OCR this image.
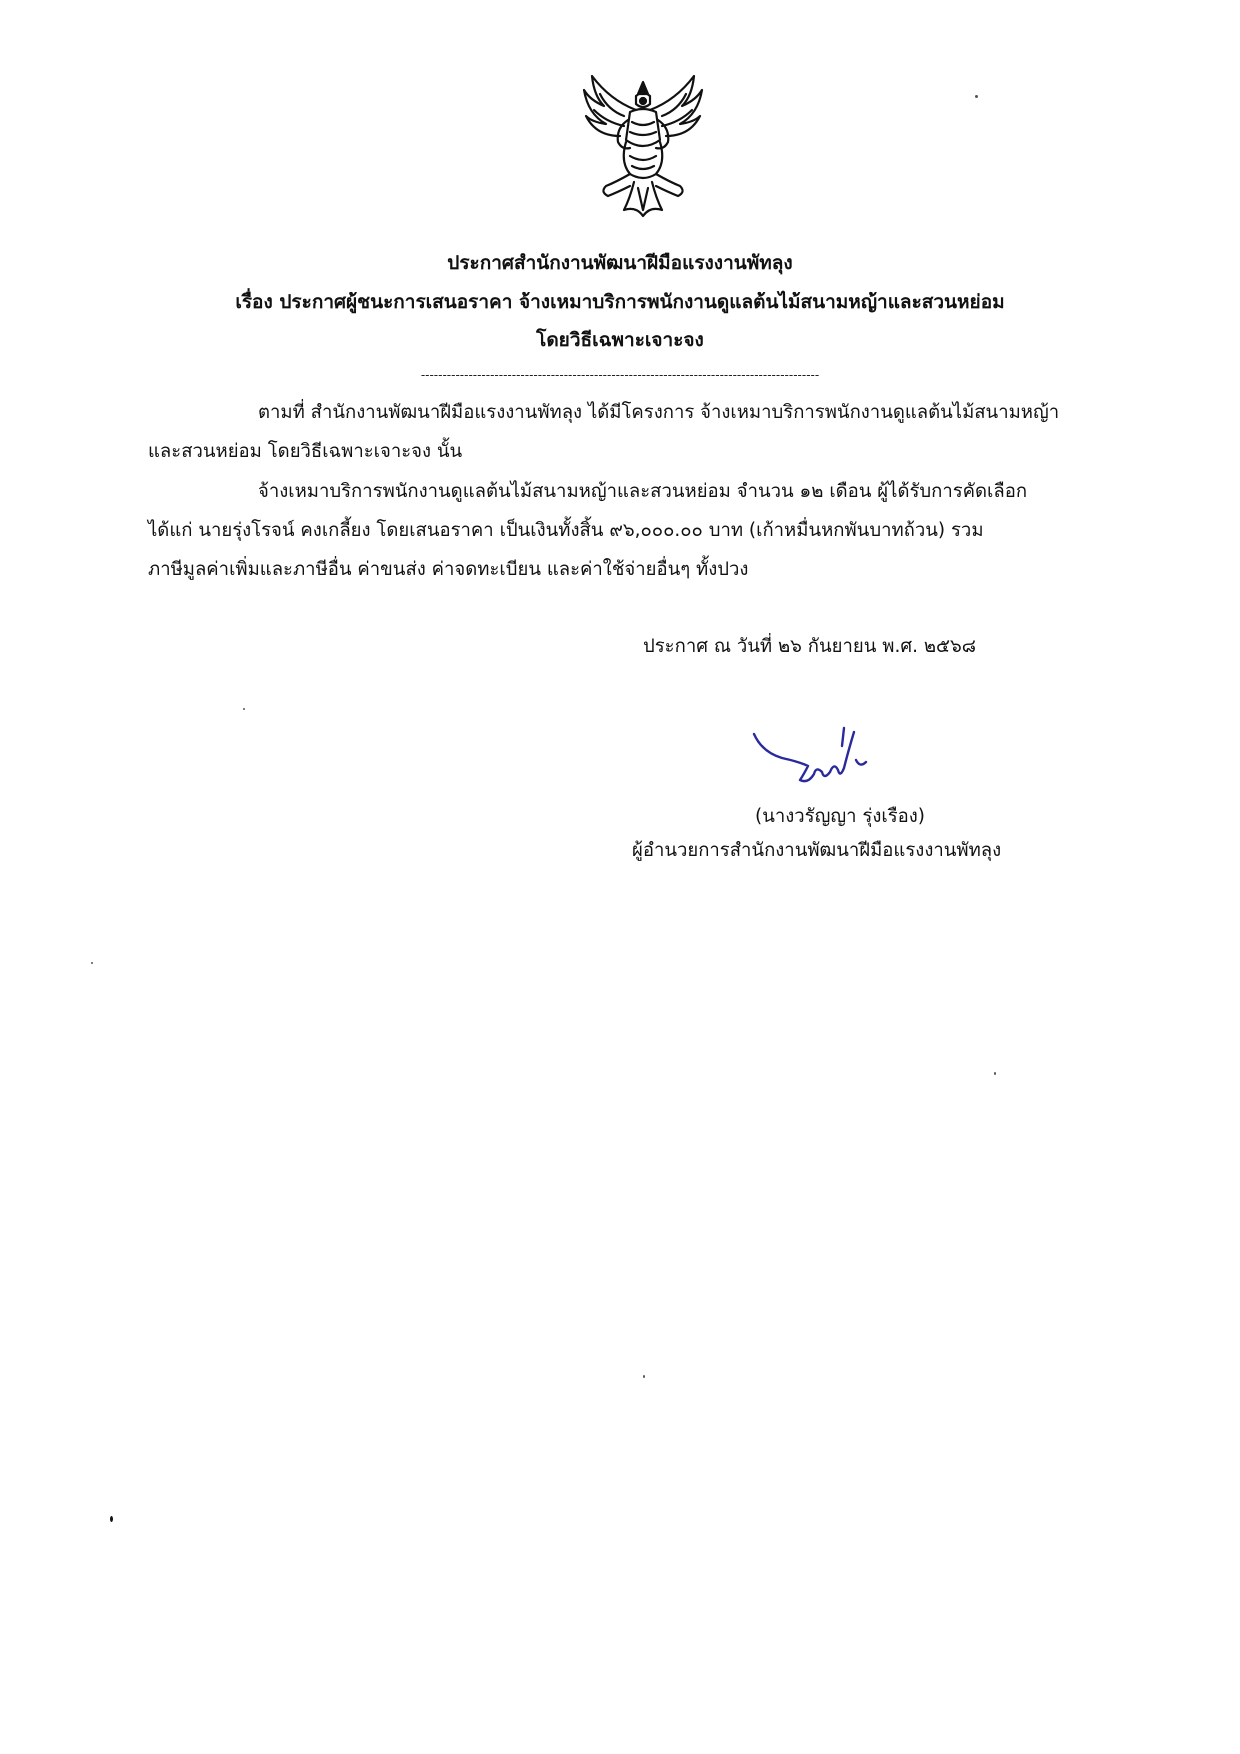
ประกาศสำนักงานพัฒนาฝีมือแรงงานพัทลุง
เรื่อง ประกาศผู้ชนะการเสนอราคา จ้างเหมาบริการพนักงานดูแลต้นไม้สนามหญ้าและสวนหย่อม
โดยวิธีเฉพาะเจาะจง
--------------------------------------------------------------------------------------------
ตามที่ สำนักงานพัฒนาฝีมือแรงงานพัทลุง ได้มีโครงการ จ้างเหมาบริการพนักงานดูแลต้นไม้สนามหญ้า
และสวนหย่อม โดยวิธีเฉพาะเจาะจง นั้น
จ้างเหมาบริการพนักงานดูแลต้นไม้สนามหญ้าและสวนหย่อม จำนวน ๑๒ เดือน ผู้ได้รับการคัดเลือก
ได้แก่ นายรุ่งโรจน์ คงเกลี้ยง โดยเสนอราคา เป็นเงินทั้งสิ้น ๙๖,๐๐๐.๐๐ บาท (เก้าหมื่นหกพันบาทถ้วน) รวม
ภาษีมูลค่าเพิ่มและภาษีอื่น ค่าขนส่ง ค่าจดทะเบียน และค่าใช้จ่ายอื่นๆ ทั้งปวง
ประกาศ ณ วันที่ ๒๖ กันยายน พ.ศ. ๒๕๖๘
(นางวรัญญา รุ่งเรือง)
ผู้อำนวยการสำนักงานพัฒนาฝีมือแรงงานพัทลุง
